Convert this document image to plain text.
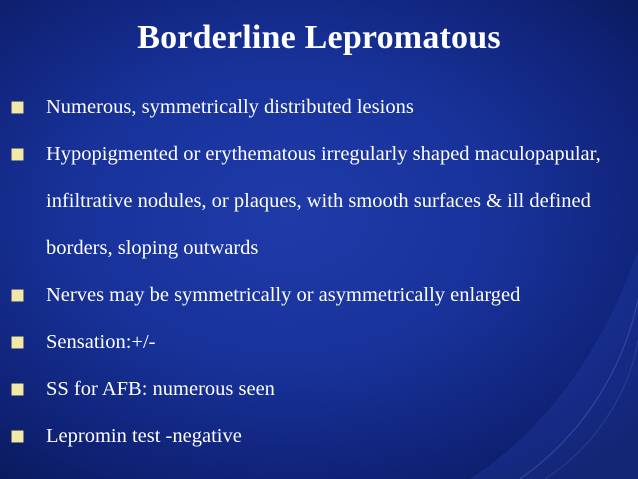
Borderline Lepromatous
Numerous, symmetrically distributed lesions
Hypopigmented or erythematous irregularly shaped maculopapular, infiltrative nodules, or plaques, with smooth surfaces & ill defined borders, sloping outwards
Nerves may be symmetrically or asymmetrically enlarged
Sensation:+/-
SS for AFB: numerous seen
Lepromin test -negative
